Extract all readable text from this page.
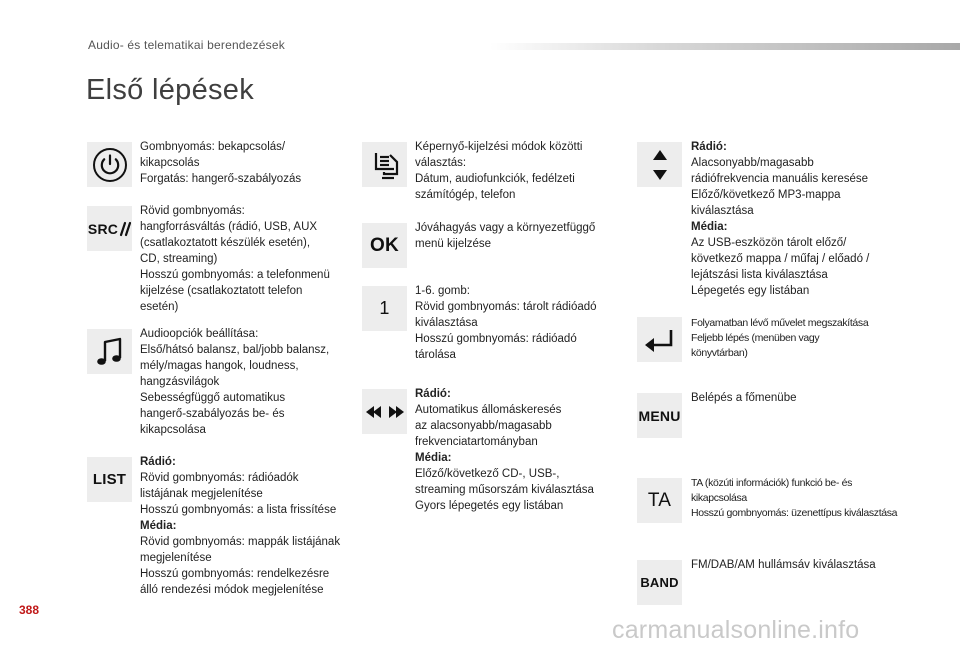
Audio- és telematikai berendezések
Első lépések
Gombnyomás: bekapcsolás/
kikapcsolás
Forgatás: hangerő-szabályozás
SRC
Rövid gombnyomás:
hangforrásváltás (rádió, USB, AUX
(csatlakoztatott készülék esetén),
CD, streaming)
Hosszú gombnyomás: a telefonmenü
kijelzése (csatlakoztatott telefon
esetén)
Audioopciók beállítása:
Első/hátsó balansz, bal/jobb balansz,
mély/magas hangok, loudness,
hangzásvilágok
Sebességfüggő automatikus
hangerő-szabályozás be- és
kikapcsolása
LIST
Rádió:
Rövid gombnyomás: rádióadók
listájának megjelenítése
Hosszú gombnyomás: a lista frissítése
Média:
Rövid gombnyomás: mappák listájának
megjelenítése
Hosszú gombnyomás: rendelkezésre
álló rendezési módok megjelenítése
Képernyő-kijelzési módok közötti
választás:
Dátum, audiofunkciók, fedélzeti
számítógép, telefon
OK
Jóváhagyás vagy a környezetfüggő
menü kijelzése
1
1-6. gomb:
Rövid gombnyomás: tárolt rádióadó
kiválasztása
Hosszú gombnyomás: rádióadó
tárolása
Rádió:
Automatikus állomáskeresés
az alacsonyabb/magasabb
frekvenciatartományban
Média:
Előző/következő CD-, USB-,
streaming műsorszám kiválasztása
Gyors lépegetés egy listában
Rádió:
Alacsonyabb/magasabb
rádiófrekvencia manuális keresése
Előző/következő MP3-mappa
kiválasztása
Média:
Az USB-eszközön tárolt előző/
következő mappa / műfaj / előadó /
lejátszási lista kiválasztása
Lépegetés egy listában
Folyamatban lévő művelet megszakítása
Feljebb lépés (menüben vagy
könyvtárban)
MENU
Belépés a főmenübe
TA
TA (közúti információk) funkció be- és
kikapcsolása
Hosszú gombnyomás: üzenettípus kiválasztása
BAND
FM/DAB/AM hullámsáv kiválasztása
388
carmanualsonline.info
